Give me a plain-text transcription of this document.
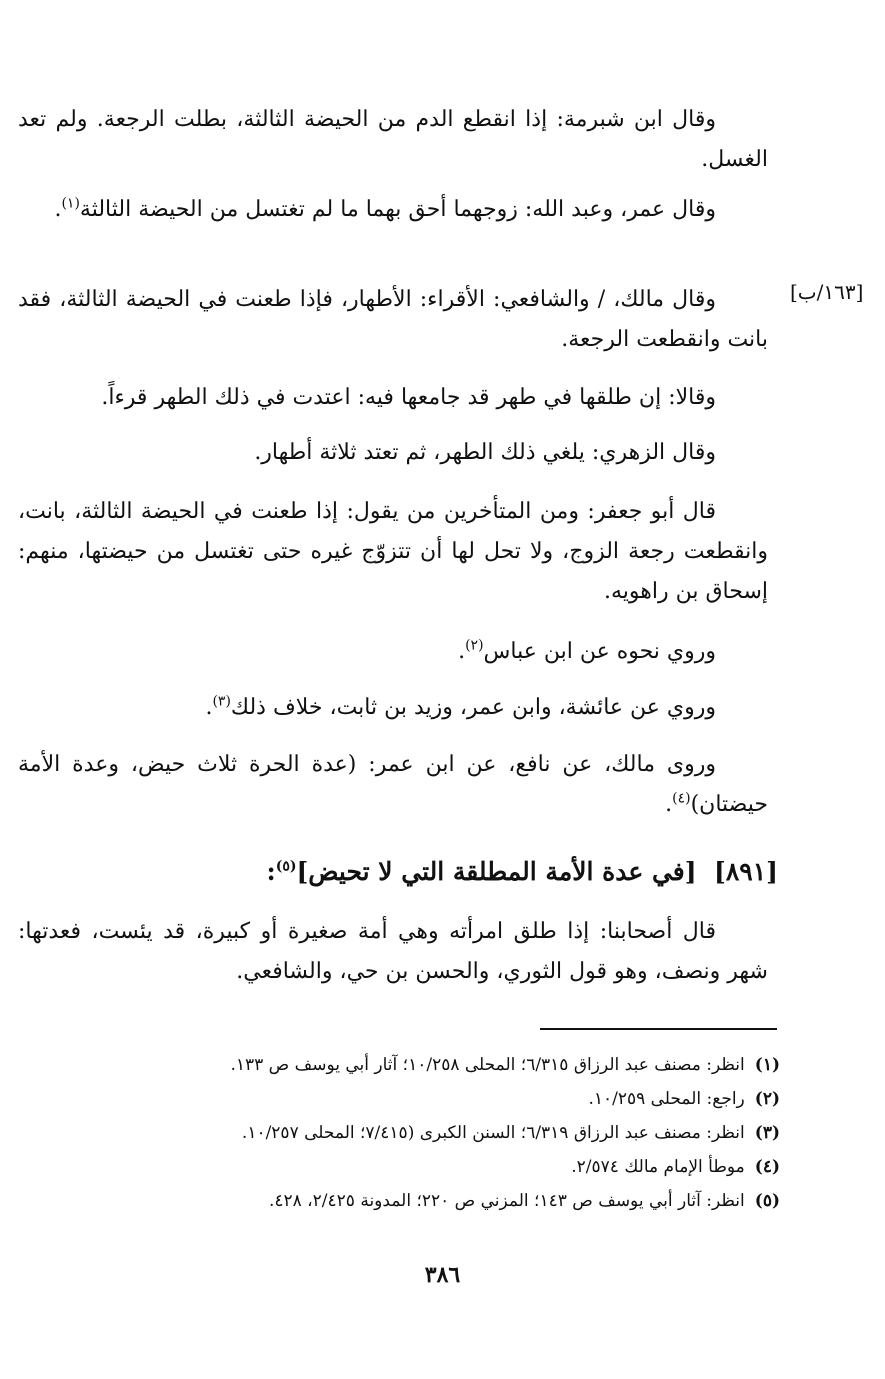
[١٦٣/ب]

وقال ابن شبرمة: إذا انقطع الدم من الحيضة الثالثة، بطلت الرجعة. ولم تعد الغسل.

وقال عمر، وعبد الله: زوجهما أحق بهما ما لم تغتسل من الحيضة الثالثة$^{(١)}$.

وقال مالك، / والشافعي: الأقراء: الأطهار، فإذا طعنت في الحيضة الثالثة، فقد بانت وانقطعت الرجعة.

وقالا: إن طلقها في طهر قد جامعها فيه: اعتدت في ذلك الطهر قرءاً.

وقال الزهري: يلغي ذلك الطهر، ثم تعتد ثلاثة أطهار.

قال أبو جعفر: ومن المتأخرين من يقول: إذا طعنت في الحيضة الثالثة، بانت، وانقطعت رجعة الزوج، ولا تحل لها أن تتزوّج غيره حتى تغتسل من حيضتها، منهم: إسحاق بن راهويه.

وروي نحوه عن ابن عباس$^{(٢)}$.

وروي عن عائشة، وابن عمر، وزيد بن ثابت، خلاف ذلك$^{(٣)}$.

وروى مالك، عن نافع، عن ابن عمر: (عدة الحرة ثلاث حيض، وعدة الأمة حيضتان)$^{(٤)}$.

[٨٩١]  [في عدة الأمة المطلقة التي لا تحيض]$^{(٥)}$:

قال أصحابنا: إذا طلق امرأته وهي أمة صغيرة أو كبيرة، قد يئست، فعدتها: شهر ونصف، وهو قول الثوري، والحسن بن حي، والشافعي.

(١)انظر: مصنف عبد الرزاق ٦/٣١٥؛ المحلى ١٠/٢٥٨؛ آثار أبي يوسف ص ١٣٣.

(٢)راجع: المحلى ١٠/٢٥٩.

(٣)انظر: مصنف عبد الرزاق ٦/٣١٩؛ السنن الكبرى (٧/٤١٥؛ المحلى ١٠/٢٥٧.

(٤)موطأ الإمام مالك ٢/٥٧٤.

(٥)انظر: آثار أبي يوسف ص ١٤٣؛ المزني ص ٢٢٠؛ المدونة ٢/٤٢٥، ٤٢٨.

٣٨٦
